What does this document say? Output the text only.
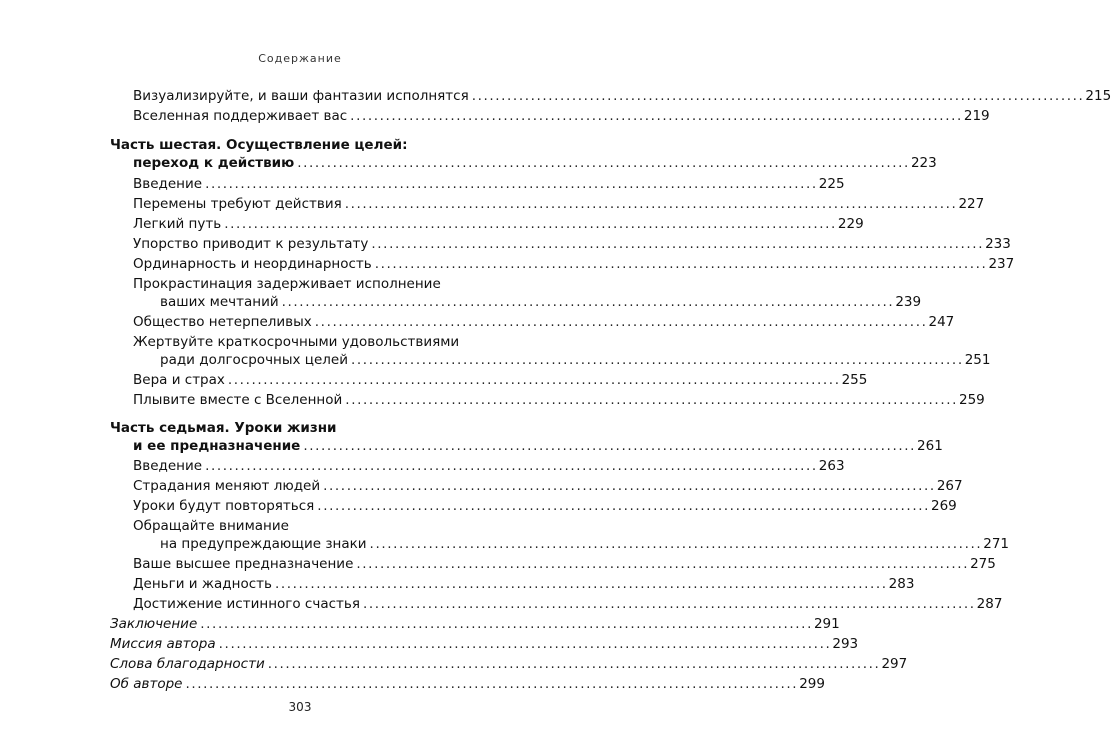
Содержание
Визуализируйте, и ваши фантазии исполнятся ........................................................................................................ 215
Вселенная поддерживает вас ........................................................................................................ 219
Часть шестая. Осуществление целей:
переход к действию ........................................................................................................ 223
Введение ........................................................................................................ 225
Перемены требуют действия ........................................................................................................ 227
Легкий путь ........................................................................................................ 229
Упорство приводит к результату ........................................................................................................ 233
Ординарность и неординарность ........................................................................................................ 237
Прокрастинация задерживает исполнение
ваших мечтаний ........................................................................................................ 239
Общество нетерпеливых ........................................................................................................ 247
Жертвуйте краткосрочными удовольствиями
ради долгосрочных целей ........................................................................................................ 251
Вера и страх ........................................................................................................ 255
Плывите вместе с Вселенной ........................................................................................................ 259
Часть седьмая. Уроки жизни
и ее предназначение ........................................................................................................ 261
Введение ........................................................................................................ 263
Страдания меняют людей ........................................................................................................ 267
Уроки будут повторяться ........................................................................................................ 269
Обращайте внимание
на предупреждающие знаки ........................................................................................................ 271
Ваше высшее предназначение ........................................................................................................ 275
Деньги и жадность ........................................................................................................ 283
Достижение истинного счастья ........................................................................................................ 287
Заключение ........................................................................................................ 291
Миссия автора ........................................................................................................ 293
Слова благодарности ........................................................................................................ 297
Об авторе ........................................................................................................ 299
303
